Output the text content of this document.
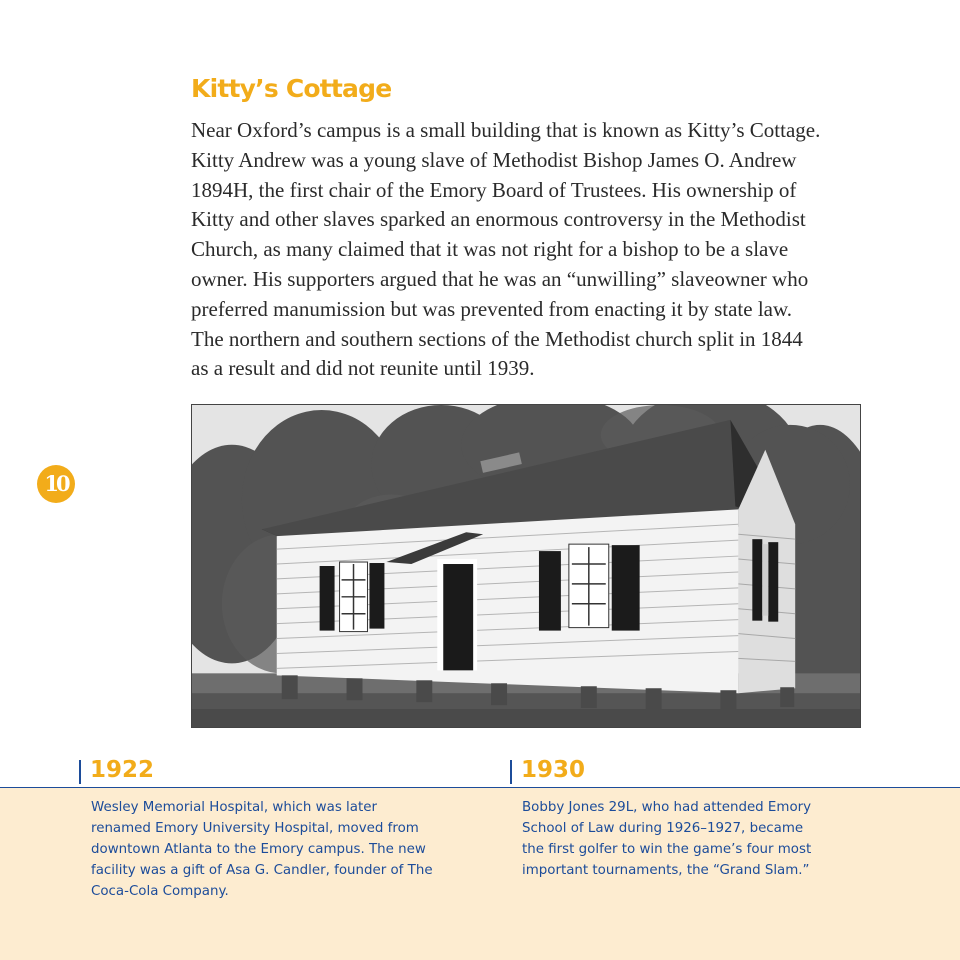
Kitty’s Cottage

Near Oxford’s campus is a small building that is known as Kitty’s Cottage.
Kitty Andrew was a young slave of Methodist Bishop James O. Andrew
1894H, the first chair of the Emory Board of Trustees. His ownership of
Kitty and other slaves sparked an enormous controversy in the Methodist
Church, as many claimed that it was not right for a bishop to be a slave
owner. His supporters argued that he was an “unwilling” slaveowner who
preferred manumission but was prevented from enacting it by state law.
The northern and southern sections of the Methodist church split in 1844
as a result and did not reunite until 1939.

10
1922

Wesley Memorial Hospital, which was later
renamed Emory University Hospital, moved from
downtown Atlanta to the Emory campus. The new
facility was a gift of Asa G. Candler, founder of The
Coca-Cola Company.

1930

Bobby Jones 29L, who had attended Emory
School of Law during 1926–1927, became
the first golfer to win the game’s four most
important tournaments, the “Grand Slam.”
